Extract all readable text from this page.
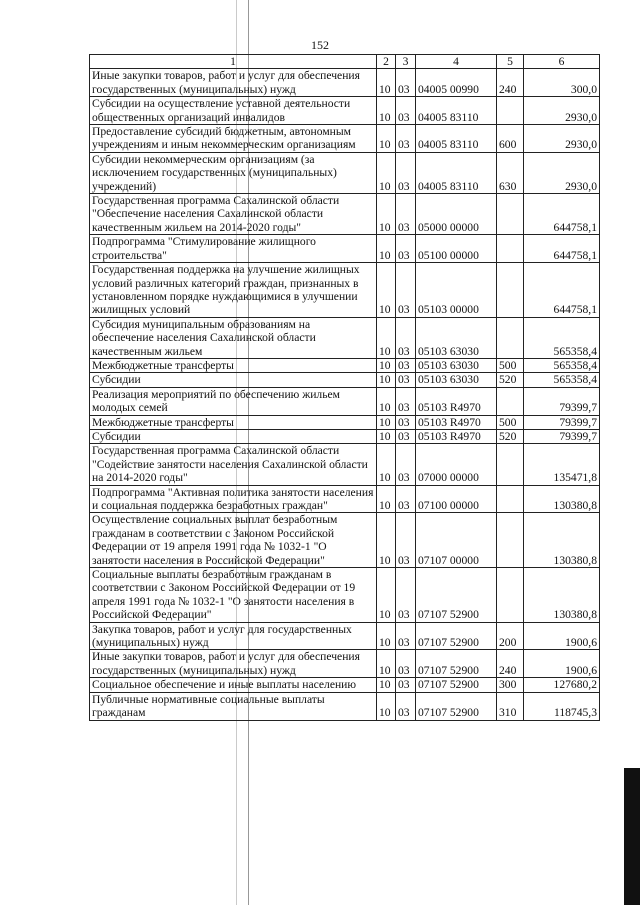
152
1	2	3	4	5	6
Иные закупки товаров, работ и услуг для обеспечения государственных (муниципальных) нужд	10	03	04005 00990	240	300,0
Субсидии на осуществление уставной деятельности общественных организаций инвалидов	10	03	04005 83110		2930,0
Предоставление субсидий бюджетным, автономным учреждениям и иным некоммерческим организациям	10	03	04005 83110	600	2930,0
Субсидии некоммерческим организациям (за исключением государственных (муниципальных) учреждений)	10	03	04005 83110	630	2930,0
Государственная программа Сахалинской области "Обеспечение населения Сахалинской области качественным жильем на 2014-2020 годы"	10	03	05000 00000		644758,1
Подпрограмма "Стимулирование жилищного строительства"	10	03	05100 00000		644758,1
Государственная поддержка на улучшение жилищных условий различных категорий граждан, признанных в установленном порядке нуждающимися в улучшении жилищных условий	10	03	05103 00000		644758,1
Субсидия муниципальным образованиям на обеспечение населения Сахалинской области качественным жильем	10	03	05103 63030		565358,4
Межбюджетные трансферты	10	03	05103 63030	500	565358,4
Субсидии	10	03	05103 63030	520	565358,4
Реализация мероприятий по обеспечению жильем молодых семей	10	03	05103 R4970		79399,7
Межбюджетные трансферты	10	03	05103 R4970	500	79399,7
Субсидии	10	03	05103 R4970	520	79399,7
Государственная программа Сахалинской области "Содействие занятости населения Сахалинской области на 2014-2020 годы"	10	03	07000 00000		135471,8
Подпрограмма "Активная политика занятости населения и социальная поддержка безработных граждан"	10	03	07100 00000		130380,8
Осуществление социальных выплат безработным гражданам в соответствии с Законом Российской Федерации от 19 апреля 1991 года № 1032-1 "О занятости населения в Российской Федерации"	10	03	07107 00000		130380,8
Социальные выплаты безработным гражданам в соответствии с Законом Российской Федерации от 19 апреля 1991 года № 1032-1 "О занятости населения в Российской Федерации"	10	03	07107 52900		130380,8
Закупка товаров, работ и услуг для государственных (муниципальных) нужд	10	03	07107 52900	200	1900,6
Иные закупки товаров, работ и услуг для обеспечения государственных (муниципальных) нужд	10	03	07107 52900	240	1900,6
Социальное обеспечение и иные выплаты населению	10	03	07107 52900	300	127680,2
Публичные нормативные социальные выплаты гражданам	10	03	07107 52900	310	118745,3
